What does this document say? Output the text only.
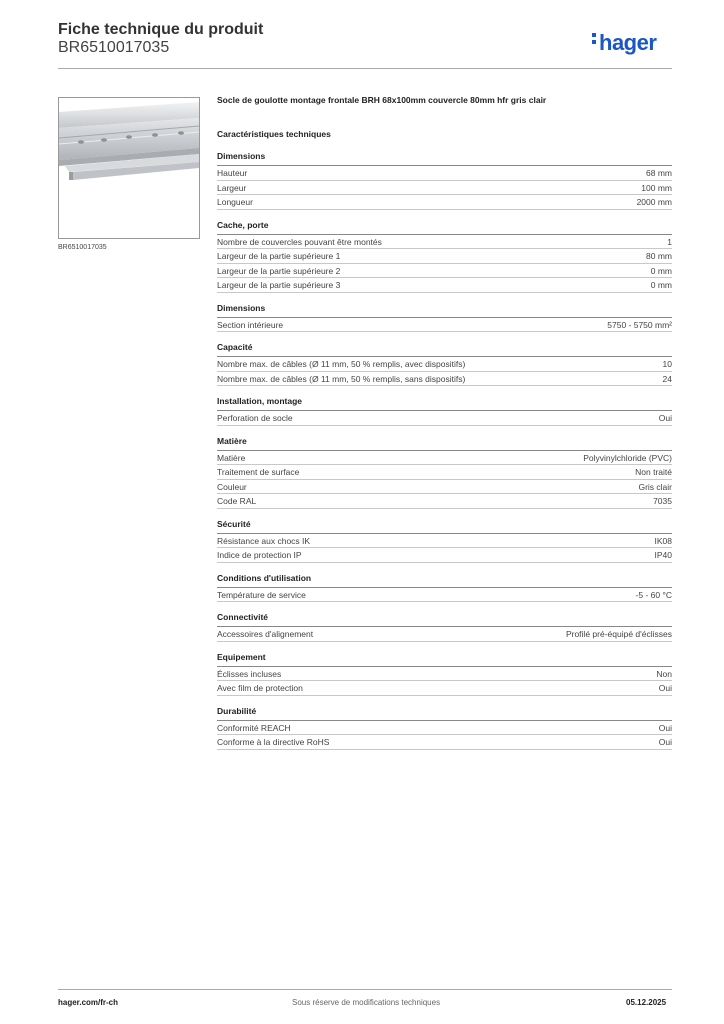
Fiche technique du produit
BR6510017035	hager
BR6510017035
Socle de goulotte montage frontale BRH 68x100mm couvercle 80mm hfr gris clair
Caractéristiques techniques
Dimensions
Hauteur	68 mm
Largeur	100 mm
Longueur	2000 mm
Cache, porte
Nombre de couvercles pouvant être montés	1
Largeur de la partie supérieure 1	80 mm
Largeur de la partie supérieure 2	0 mm
Largeur de la partie supérieure 3	0 mm
Dimensions
Section intérieure	5750 - 5750 mm²
Capacité
Nombre max. de câbles (Ø 11 mm, 50 % remplis, avec dispositifs)	10
Nombre max. de câbles (Ø 11 mm, 50 % remplis, sans dispositifs)	24
Installation, montage
Perforation de socle	Oui
Matière
Matière	Polyvinylchloride (PVC)
Traitement de surface	Non traité
Couleur	Gris clair
Code RAL	7035
Sécurité
Résistance aux chocs IK	IK08
Indice de protection IP	IP40
Conditions d'utilisation
Température de service	-5 - 60 °C
Connectivité
Accessoires d'alignement	Profilé pré-équipé d'éclisses
Equipement
Éclisses incluses	Non
Avec film de protection	Oui
Durabilité
Conformité REACH	Oui
Conforme à la directive RoHS	Oui
hager.com/fr-ch	Sous réserve de modifications techniques	05.12.2025
